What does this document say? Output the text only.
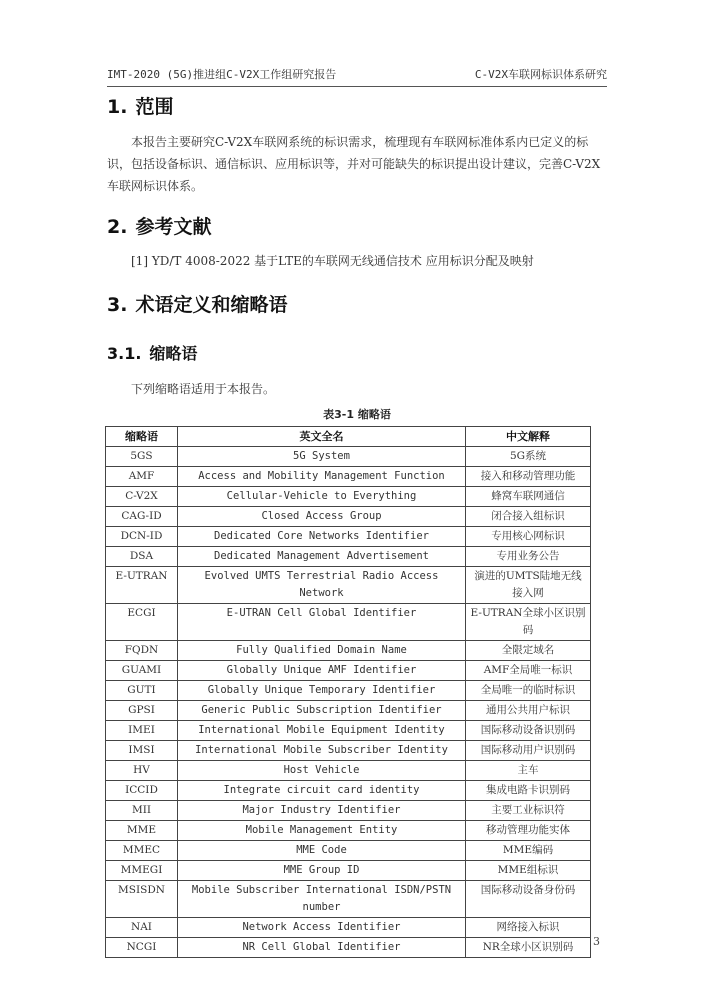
IMT-2020 (5G)推进组C-V2X工作组研究报告	C-V2X车联网标识体系研究
1. 范围

本报告主要研究C-V2X车联网系统的标识需求，梳理现有车联网标准体系内已定义的标识，包括设备标识、通信标识、应用标识等，并对可能缺失的标识提出设计建议，完善C-V2X车联网标识体系。

2. 参考文献

[1] YD/T 4008-2022 基于LTE的车联网无线通信技术 应用标识分配及映射

3. 术语定义和缩略语
3.1. 缩略语

下列缩略语适用于本报告。

表3-1 缩略语

缩略语	英文全名	中文解释
5GS	5G System	5G系统
AMF	Access and Mobility Management Function	接入和移动管理功能
C-V2X	Cellular-Vehicle to Everything	蜂窝车联网通信
CAG-ID	Closed Access Group	闭合接入组标识
DCN-ID	Dedicated Core Networks Identifier	专用核心网标识
DSA	Dedicated Management Advertisement	专用业务公告
E-UTRAN	Evolved UMTS Terrestrial Radio Access Network	演进的UMTS陆地无线接入网
ECGI	E-UTRAN Cell Global Identifier	E-UTRAN全球小区识别码
FQDN	Fully Qualified Domain Name	全限定域名
GUAMI	Globally Unique AMF Identifier	AMF全局唯一标识
GUTI	Globally Unique Temporary Identifier	全局唯一的临时标识
GPSI	Generic Public Subscription Identifier	通用公共用户标识
IMEI	International Mobile Equipment Identity	国际移动设备识别码
IMSI	International Mobile Subscriber Identity	国际移动用户识别码
HV	Host Vehicle	主车
ICCID	Integrate circuit card identity	集成电路卡识别码
MII	Major Industry Identifier	主要工业标识符
MME	Mobile Management Entity	移动管理功能实体
MMEC	MME Code	MME编码
MMEGI	MME Group ID	MME组标识
MSISDN	Mobile Subscriber International ISDN/PSTN number	国际移动设备身份码
NAI	Network Access Identifier	网络接入标识
NCGI	NR Cell Global Identifier	NR全球小区识别码	3
